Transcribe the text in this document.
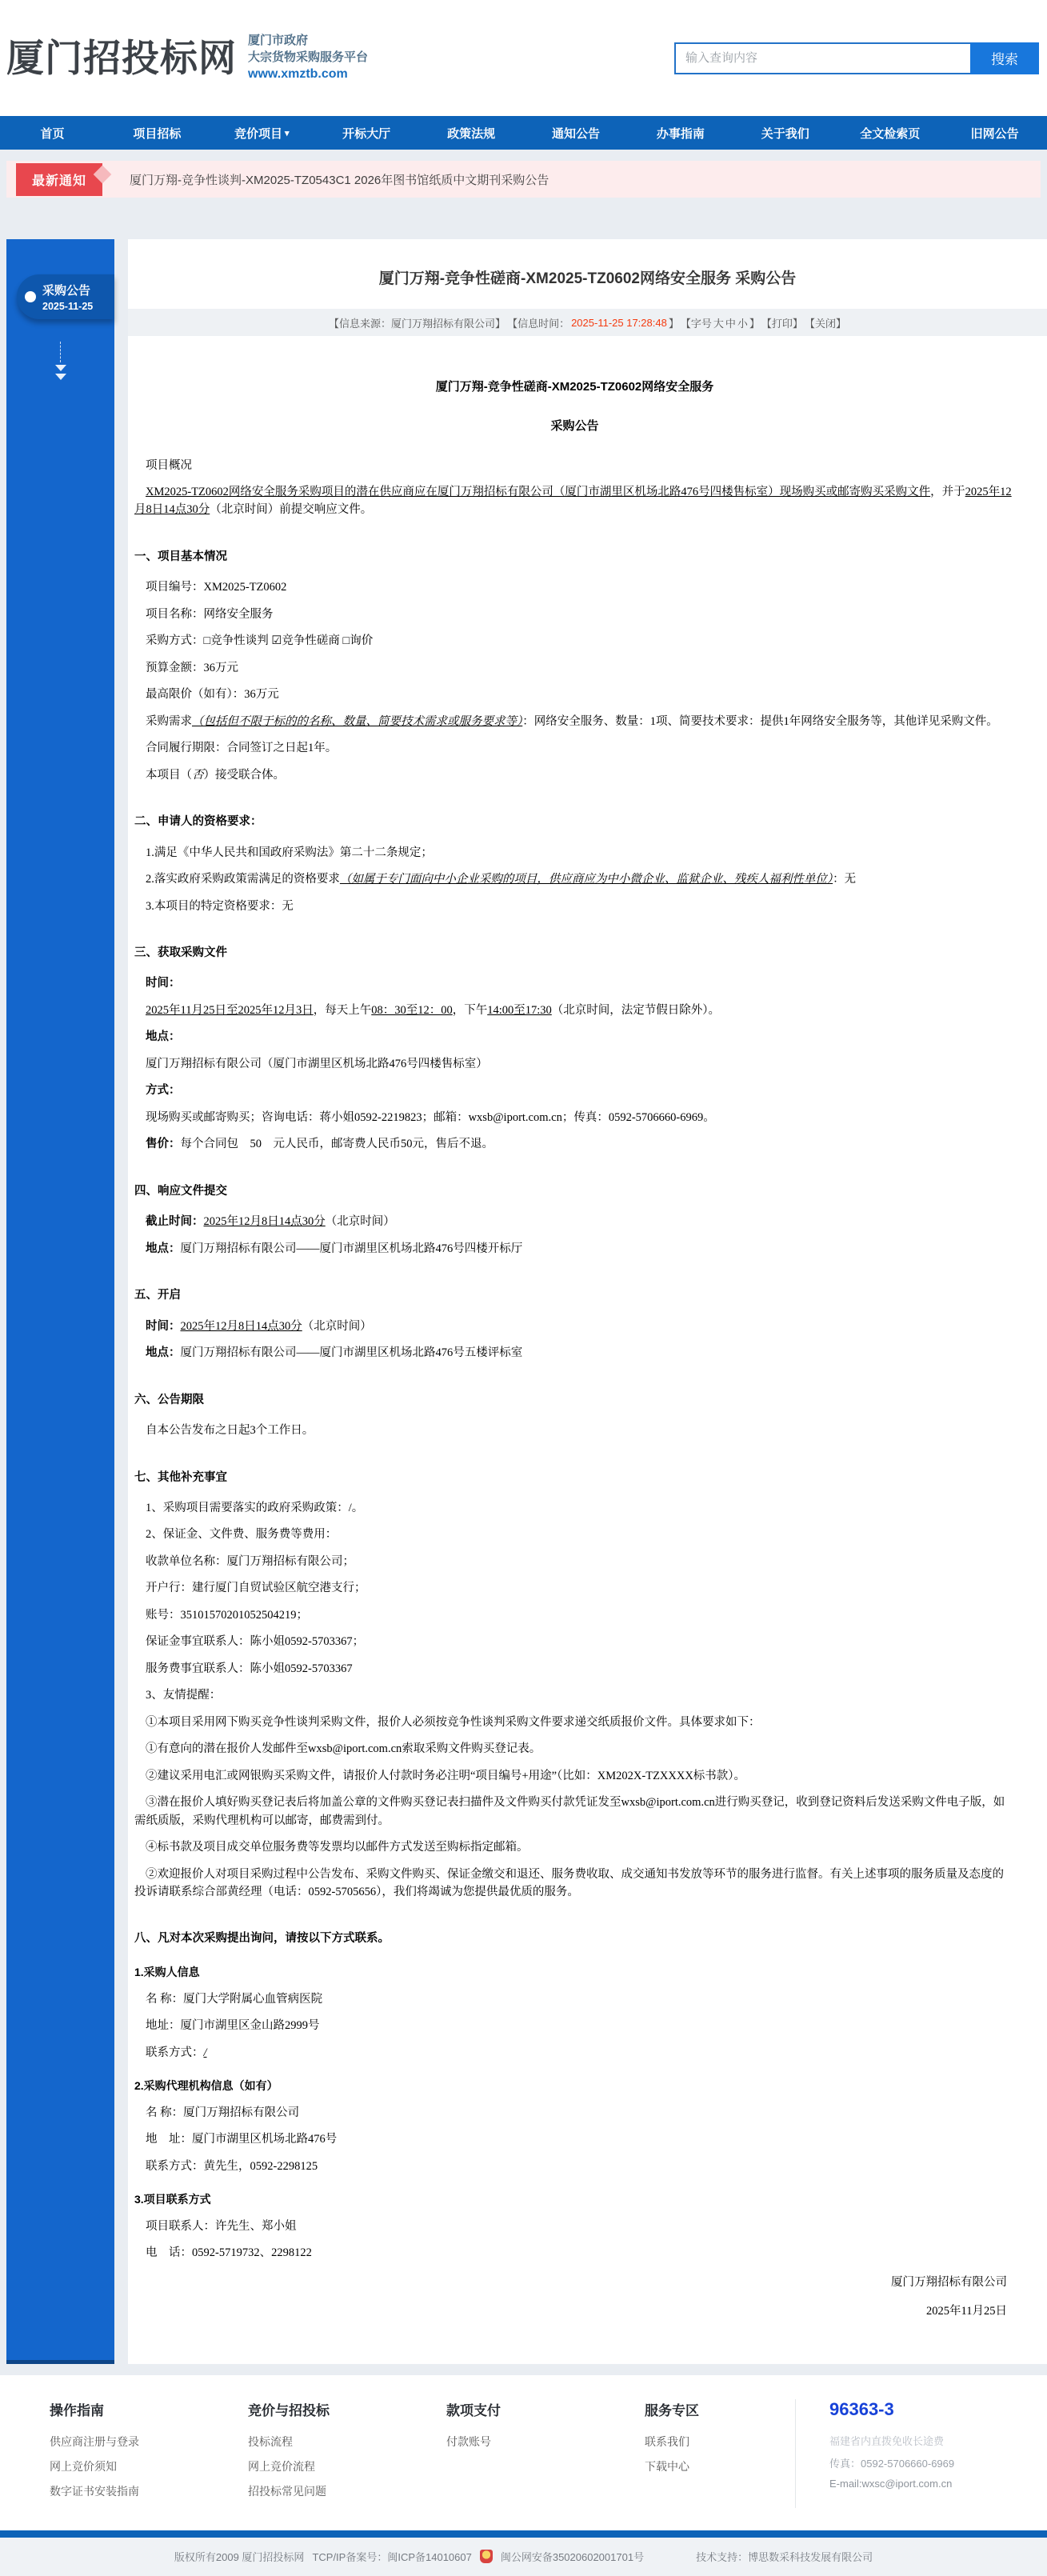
厦门招投标网 厦门市政府
大宗货物采购服务平台
www.xmztb.com
输入查询内容
搜索
首页	项目招标	竞价项目 ▾	开标大厅	政策法规	通知公告	办事指南	关于我们	全文检索页	旧网公告
最新通知	厦门万翔-竞争性谈判-XM2025-TZ0543C1 2026年图书馆纸质中文期刊采购公告
采购公告
2025-11-25
厦门万翔-竞争性磋商-XM2025-TZ0602网络安全服务 采购公告
【信息来源：厦门万翔招标有限公司】 【信息时间： 2025-11-25 17:28:48 】 【字号 大 中 小 】 【打印】 【关闭】
厦门万翔-竞争性磋商-XM2025-TZ0602网络安全服务
采购公告
项目概况
XM2025-TZ0602网络安全服务采购项目的潜在供应商应在厦门万翔招标有限公司（厦门市湖里区机场北路476号四楼售标室）现场购买或邮寄购买采购文件，并于2025年12月8日14点30分（北京时间）前提交响应文件。
一、项目基本情况
项目编号：XM2025-TZ0602
项目名称：网络安全服务
采购方式：□竞争性谈判 ☑竞争性磋商 □询价
预算金额：36万元
最高限价（如有）：36万元
采购需求（包括但不限于标的的名称、数量、简要技术需求或服务要求等）：网络安全服务、数量：1项、简要技术要求：提供1年网络安全服务等，其他详见采购文件。
合同履行期限：合同签订之日起1年。
本项目（否）接受联合体。
二、申请人的资格要求：
1.满足《中华人民共和国政府采购法》第二十二条规定；
2.落实政府采购政策需满足的资格要求（如属于专门面向中小企业采购的项目，供应商应为中小微企业、监狱企业、残疾人福利性单位）：无
3.本项目的特定资格要求：无
三、获取采购文件
时间：
2025年11月25日至2025年12月3日，每天上午08：30至12：00，下午14:00至17:30（北京时间，法定节假日除外）。
地点：
厦门万翔招标有限公司（厦门市湖里区机场北路476号四楼售标室）
方式：
现场购买或邮寄购买；咨询电话：蒋小姐0592-2219823；邮箱：wxsb@iport.com.cn；传真：0592-5706660-6969。
售价：每个合同包　50　元人民币，邮寄费人民币50元，售后不退。
四、响应文件提交
截止时间：2025年12月8日14点30分（北京时间）
地点：厦门万翔招标有限公司——厦门市湖里区机场北路476号四楼开标厅
五、开启
时间：2025年12月8日14点30分（北京时间）
地点：厦门万翔招标有限公司——厦门市湖里区机场北路476号五楼评标室
六、公告期限
自本公告发布之日起3个工作日。
七、其他补充事宜
1、采购项目需要落实的政府采购政策：/。
2、保证金、文件费、服务费等费用：
收款单位名称：厦门万翔招标有限公司；
开户行：建行厦门自贸试验区航空港支行；
账号：35101570201052504219；
保证金事宜联系人：陈小姐0592-5703367；
服务费事宜联系人：陈小姐0592-5703367
3、友情提醒：
①本项目采用网下购买竞争性谈判采购文件，报价人必须按竞争性谈判采购文件要求递交纸质报价文件。具体要求如下：
①有意向的潜在报价人发邮件至wxsb@iport.com.cn索取采购文件购买登记表。
②建议采用电汇或网银购买采购文件，请报价人付款时务必注明“项目编号+用途”（比如：XM202X-TZXXXX标书款）。
③潜在报价人填好购买登记表后将加盖公章的文件购买登记表扫描件及文件购买付款凭证发至wxsb@iport.com.cn进行购买登记，收到登记资料后发送采购文件电子版，如需纸质版，采购代理机构可以邮寄，邮费需到付。
④标书款及项目成交单位服务费等发票均以邮件方式发送至购标指定邮箱。
②欢迎报价人对项目采购过程中公告发布、采购文件购买、保证金缴交和退还、服务费收取、成交通知书发放等环节的服务进行监督。有关上述事项的服务质量及态度的投诉请联系综合部黄经理（电话：0592-5705656），我们将竭诚为您提供最优质的服务。
八、凡对本次采购提出询问，请按以下方式联系。
1.采购人信息
名 称：厦门大学附属心血管病医院
地址：厦门市湖里区金山路2999号
联系方式：/
2.采购代理机构信息（如有）
名 称：厦门万翔招标有限公司
地　址：厦门市湖里区机场北路476号
联系方式：黄先生，0592-2298125
3.项目联系方式
项目联系人：许先生、郑小姐
电　话：0592-5719732、2298122
厦门万翔招标有限公司
2025年11月25日
操作指南
供应商注册与登录
网上竞价须知
数字证书安装指南
竞价与招投标
投标流程
网上竞价流程
招投标常见问题
款项支付
付款账号
服务专区
联系我们
下载中心
96363-3
福建省内直拨免收长途费
传真：0592-5706660-6969
E-mail:wxsc@iport.com.cn
版权所有2009 厦门招投标网 TCP/IP备案号：闽ICP备14010607	闽公网安备35020602001701号	技术支持：博思数采科技发展有限公司
